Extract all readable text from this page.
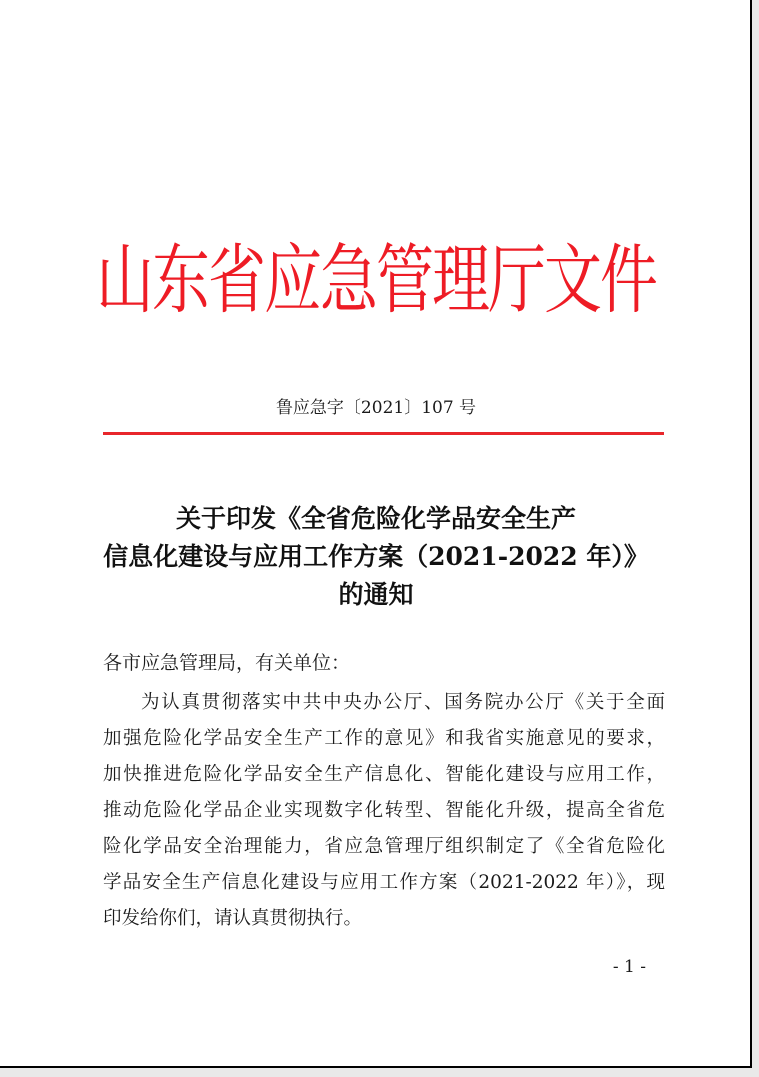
山东省应急管理厅文件
鲁应急字〔2021〕107 号
关于印发《全省危险化学品安全生产
信息化建设与应用工作方案（2021-2022 年）》
的通知
各市应急管理局，有关单位：
为认真贯彻落实中共中央办公厅、国务院办公厅《关于全面
加强危险化学品安全生产工作的意见》和我省实施意见的要求，
加快推进危险化学品安全生产信息化、智能化建设与应用工作，
推动危险化学品企业实现数字化转型、智能化升级，提高全省危
险化学品安全治理能力，省应急管理厅组织制定了《全省危险化
学品安全生产信息化建设与应用工作方案（2021-2022 年）》，现
印发给你们，请认真贯彻执行。
- 1 -
